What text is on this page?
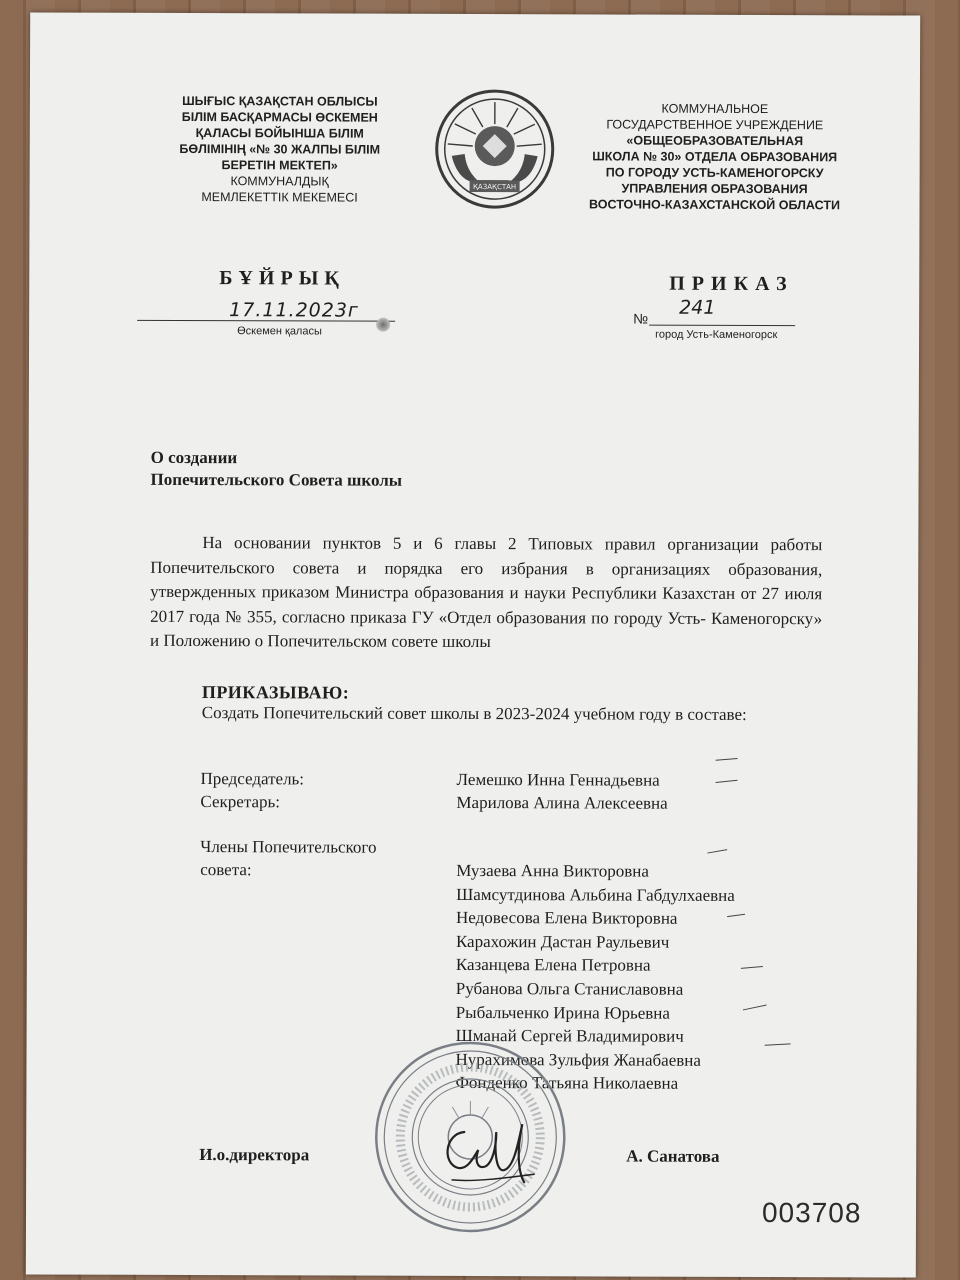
ШЫҒЫС ҚАЗАҚСТАН ОБЛЫСЫ
БІЛІМ БАСҚАРМАСЫ ӨСКЕМЕН
ҚАЛАСЫ БОЙЫНША БІЛІМ
БӨЛІМІНІҢ «№ 30 ЖАЛПЫ БІЛІМ
БЕРЕТІН МЕКТЕП»
КОММУНАЛДЫҚ
МЕМЛЕКЕТТІК МЕКЕМЕСІ
ҚАЗАҚСТАН
КОММУНАЛЬНОЕ
ГОСУДАРСТВЕННОЕ УЧРЕЖДЕНИЕ
«ОБЩЕОБРАЗОВАТЕЛЬНАЯ
ШКОЛА № 30» ОТДЕЛА ОБРАЗОВАНИЯ
ПО ГОРОДУ УСТЬ-КАМЕНОГОРСКУ
УПРАВЛЕНИЯ ОБРАЗОВАНИЯ
ВОСТОЧНО-КАЗАХСТАНСКОЙ ОБЛАСТИ
БҰЙРЫҚ	ПРИКАЗ
17.11.2023г
Өскемен қаласы
№ 241
город Усть-Каменогорск
О создании
Попечительского Совета школы
На основании пунктов 5 и 6 главы 2 Типовых правил организации работы Попечительского совета и порядка его избрания в организациях образования, утвержденных приказом Министра образования и науки Республики Казахстан от 27 июля 2017 года № 355, согласно приказа ГУ «Отдел образования по городу Усть- Каменогорску» и Положению о Попечительском совете школы
ПРИКАЗЫВАЮ:
Создать Попечительский совет школы в 2023-2024 учебном году в составе:
Председатель:	Лемешко Инна Геннадьевна
Секретарь:	Марилова Алина Алексеевна
Члены Попечительского
совета:	Музаева Анна Викторовна
Шамсутдинова Альбина Габдулхаевна
Недовесова Елена Викторовна
Карахожин Дастан Раульевич
Казанцева Елена Петровна
Рубанова Ольга Станиславовна
Рыбальченко Ирина Юрьевна
Шманай Сергей Владимирович
Нурахимова Зульфия Жанабаевна
Фонденко Татьяна Николаевна
И.о.директора	А. Санатова
003708
